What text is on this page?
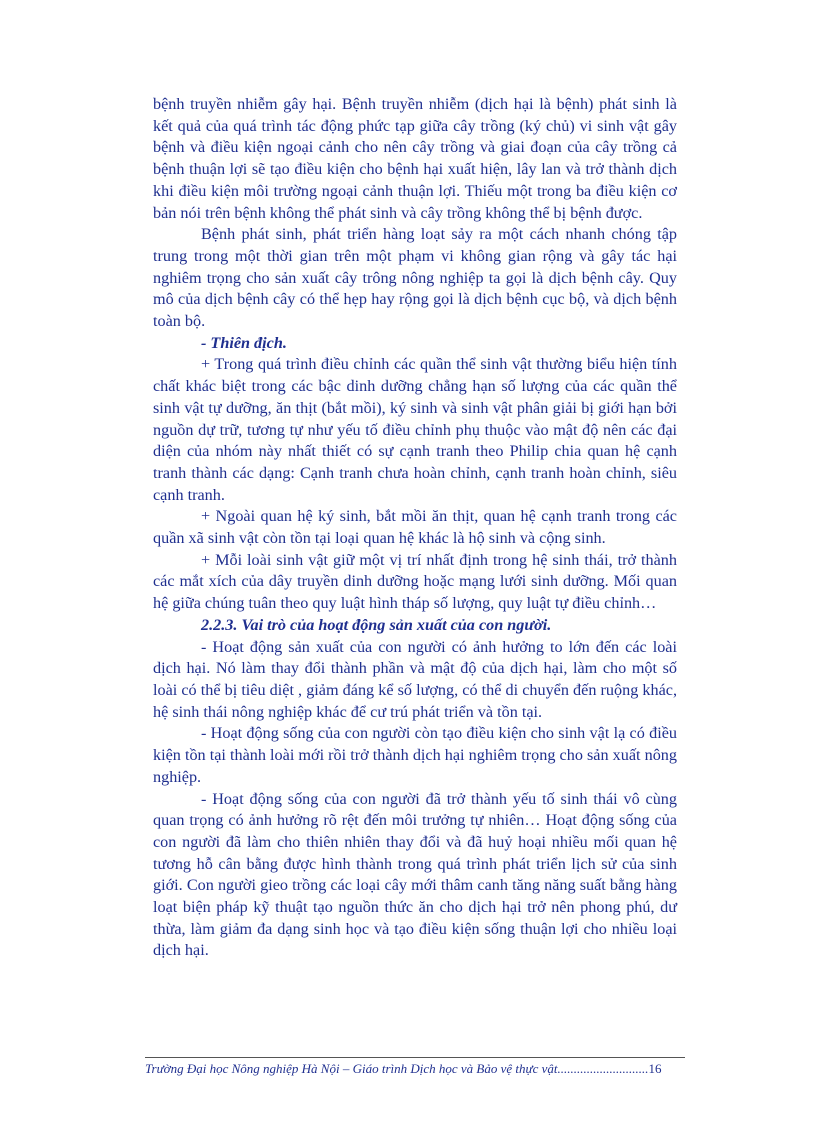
bệnh truyền nhiễm gây hại. Bệnh truyền nhiễm (dịch hại là bệnh) phát sinh là kết quả của quá trình tác động phức tạp giữa cây trồng (ký chủ) vi sinh vật gây bệnh và điều kiện ngoại cảnh cho nên cây trồng và giai đoạn của cây trồng cả bệnh thuận lợi sẽ tạo điều kiện cho bệnh hại xuất hiện, lây lan và trở thành dịch khi điều kiện môi trường ngoại cảnh thuận lợi. Thiếu một trong ba điều kiện cơ bản nói trên bệnh không thể phát sinh và cây trồng không thể bị bệnh được.

Bệnh phát sinh, phát triển hàng loạt sảy ra một cách nhanh chóng tập trung trong một thời gian trên một phạm vi không gian rộng và gây tác hại nghiêm trọng cho sản xuất cây trông nông nghiệp ta gọi là dịch bệnh cây. Quy mô của dịch bệnh cây có thể hẹp hay rộng gọi là dịch bệnh cục bộ, và dịch bệnh toàn bộ.

- Thiên địch.

+ Trong quá trình điều chỉnh các quần thể sinh vật thường biểu hiện tính chất khác biệt trong các bậc dinh dưỡng chẳng hạn số lượng của các quần thể sinh vật tự dưỡng, ăn thịt (bắt mồi), ký sinh và sinh vật phân giải bị giới hạn bởi nguồn dự trữ, tương tự như yếu tố điều chỉnh phụ thuộc vào mật độ nên các đại diện của nhóm này nhất thiết có sự cạnh tranh theo Philip chia quan hệ cạnh tranh thành các dạng: Cạnh tranh chưa hoàn chỉnh, cạnh tranh hoàn chỉnh, siêu cạnh tranh.

+ Ngoài quan hệ ký sinh, bắt mồi ăn thịt, quan hệ cạnh tranh trong các quần xã sinh vật còn tồn tại loại quan hệ khác là hộ sinh và cộng sinh.

+ Mỗi loài sinh vật giữ một vị trí nhất định trong hệ sinh thái, trở thành các mắt xích của dây truyền dinh dưỡng hoặc mạng lưới sinh dưỡng. Mối quan hệ giữa chúng tuân theo quy luật hình tháp số lượng, quy luật tự điều chỉnh…

2.2.3. Vai trò của hoạt động sản xuất của con người.

- Hoạt động sản xuất của con người có ảnh hưởng to lớn đến các loài dịch hại. Nó làm thay đổi thành phần và mật độ của dịch hại, làm cho một số loài có thể bị tiêu diệt , giảm đáng kể số lượng, có thể di chuyển đến ruộng khác, hệ sinh thái nông nghiệp khác để cư trú phát triển và tồn tại.

- Hoạt động sống của con người còn tạo điều kiện cho sinh vật lạ có điều kiện tồn tại thành loài mới rồi trở thành dịch hại nghiêm trọng cho sản xuất nông nghiệp.

- Hoạt động sống của con người đã trở thành yếu tố sinh thái vô cùng quan trọng có ảnh hưởng rõ rệt đến môi trưởng tự nhiên… Hoạt động sống của con người đã làm cho thiên nhiên thay đổi và đã huỷ hoại nhiều mối quan hệ tương hỗ cân bằng được hình thành trong quá trình phát triển lịch sử của sinh giới. Con người gieo trồng các loại cây mới thâm canh tăng năng suất bằng hàng loạt biện pháp kỹ thuật tạo nguồn thức ăn cho dịch hại trở nên phong phú, dư thừa, làm giảm đa dạng sinh học và tạo điều kiện sống thuận lợi cho nhiều loại dịch hại.

Trường Đại học Nông nghiệp Hà Nội – Giáo trình Dịch học và Bảo vệ thực vật............................16
